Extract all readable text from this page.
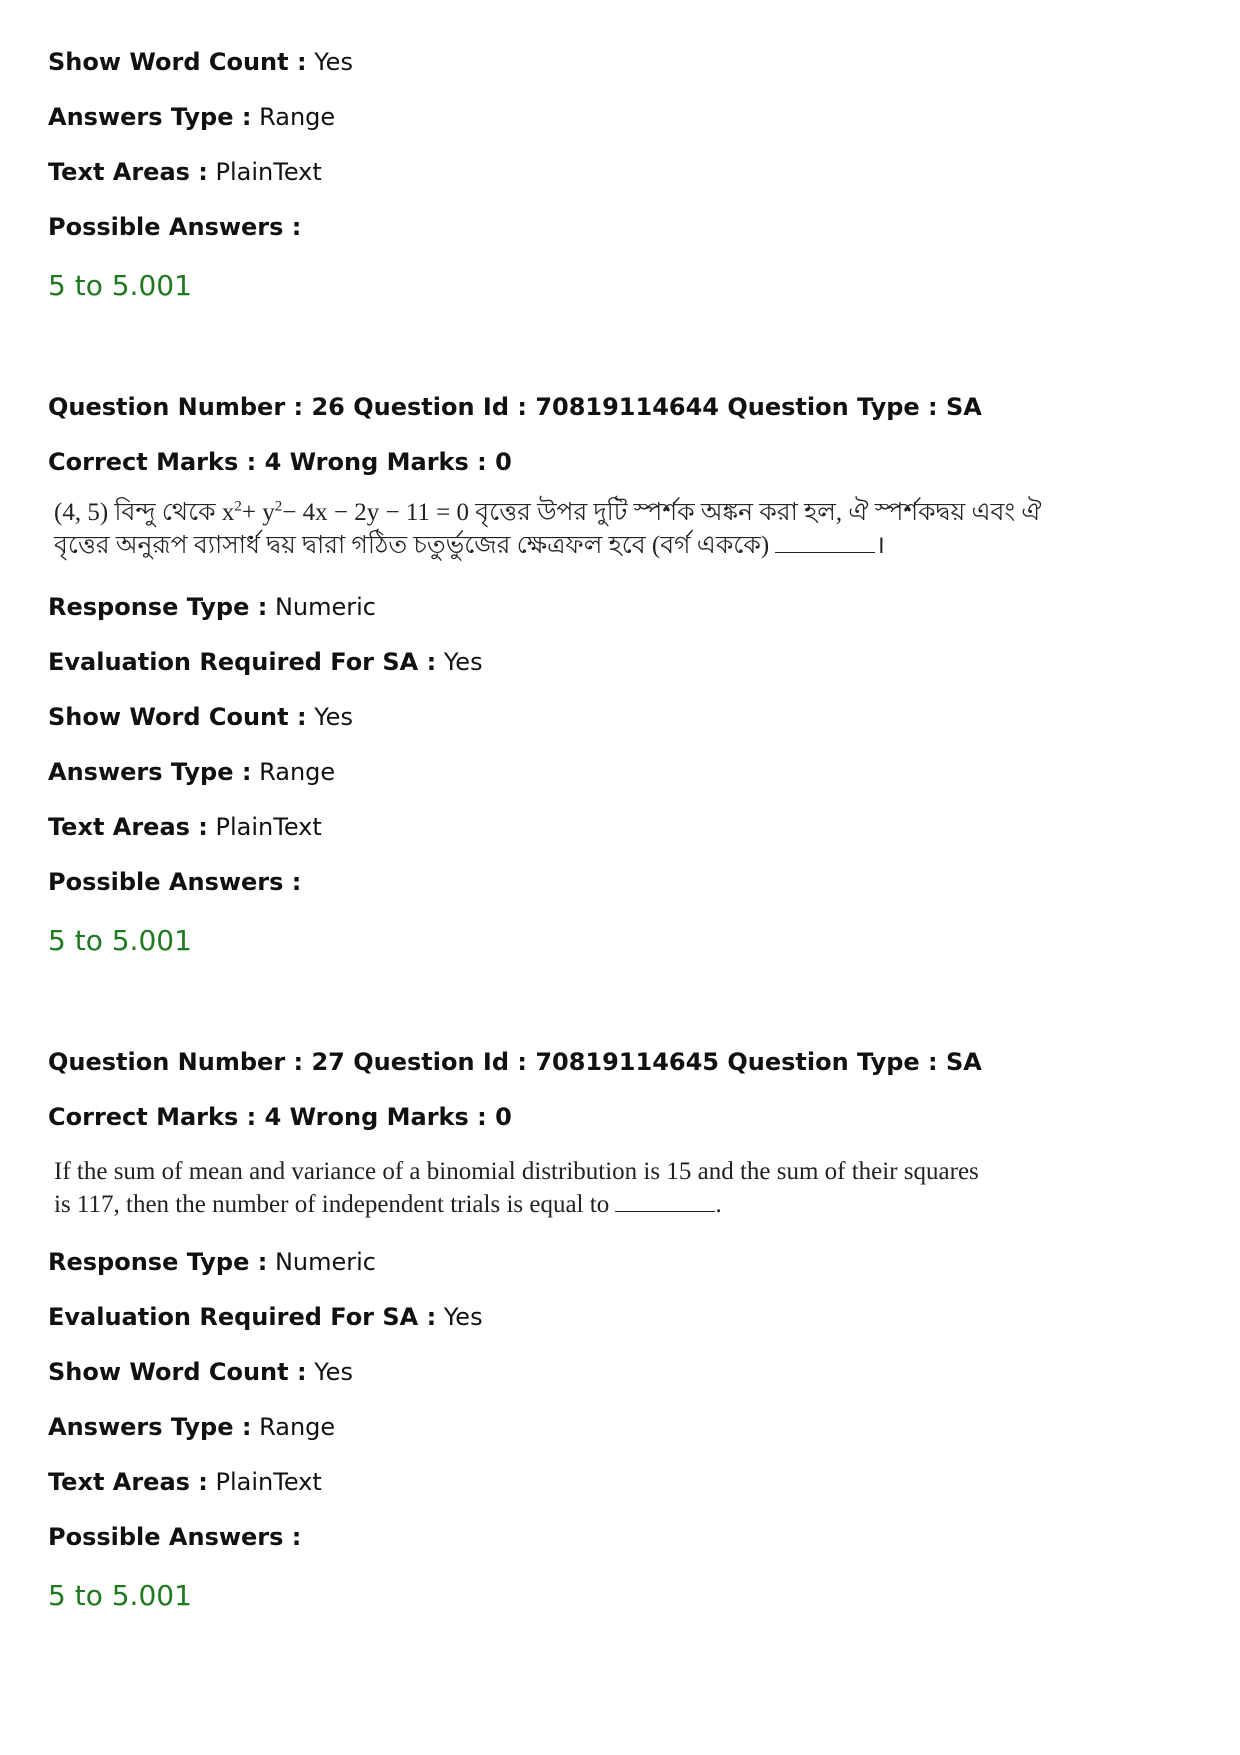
Show Word Count : Yes
Answers Type : Range
Text Areas : PlainText
Possible Answers :
5 to 5.001
Question Number : 26 Question Id : 70819114644 Question Type : SA
Correct Marks : 4 Wrong Marks : 0
(4, 5) বিন্দু থেকে $x^2+ y^2- 4x - 2y - 11 = 0$ বৃত্তের উপর দুটি স্পর্শক অঙ্কন করা হল, ঐ স্পর্শকদ্বয় এবং ঐ
বৃত্তের অনুরূপ ব্যাসার্ধ দ্বয় দ্বারা গঠিত চতুর্ভুজের ক্ষেত্রফল হবে (বর্গ এককে)	।
Response Type : Numeric
Evaluation Required For SA : Yes
Show Word Count : Yes
Answers Type : Range
Text Areas : PlainText
Possible Answers :
5 to 5.001
Question Number : 27 Question Id : 70819114645 Question Type : SA
Correct Marks : 4 Wrong Marks : 0
If the sum of mean and variance of a binomial distribution is 15 and the sum of their squares
is 117, then the number of independent trials is equal to	.
Response Type : Numeric
Evaluation Required For SA : Yes
Show Word Count : Yes
Answers Type : Range
Text Areas : PlainText
Possible Answers :
5 to 5.001
